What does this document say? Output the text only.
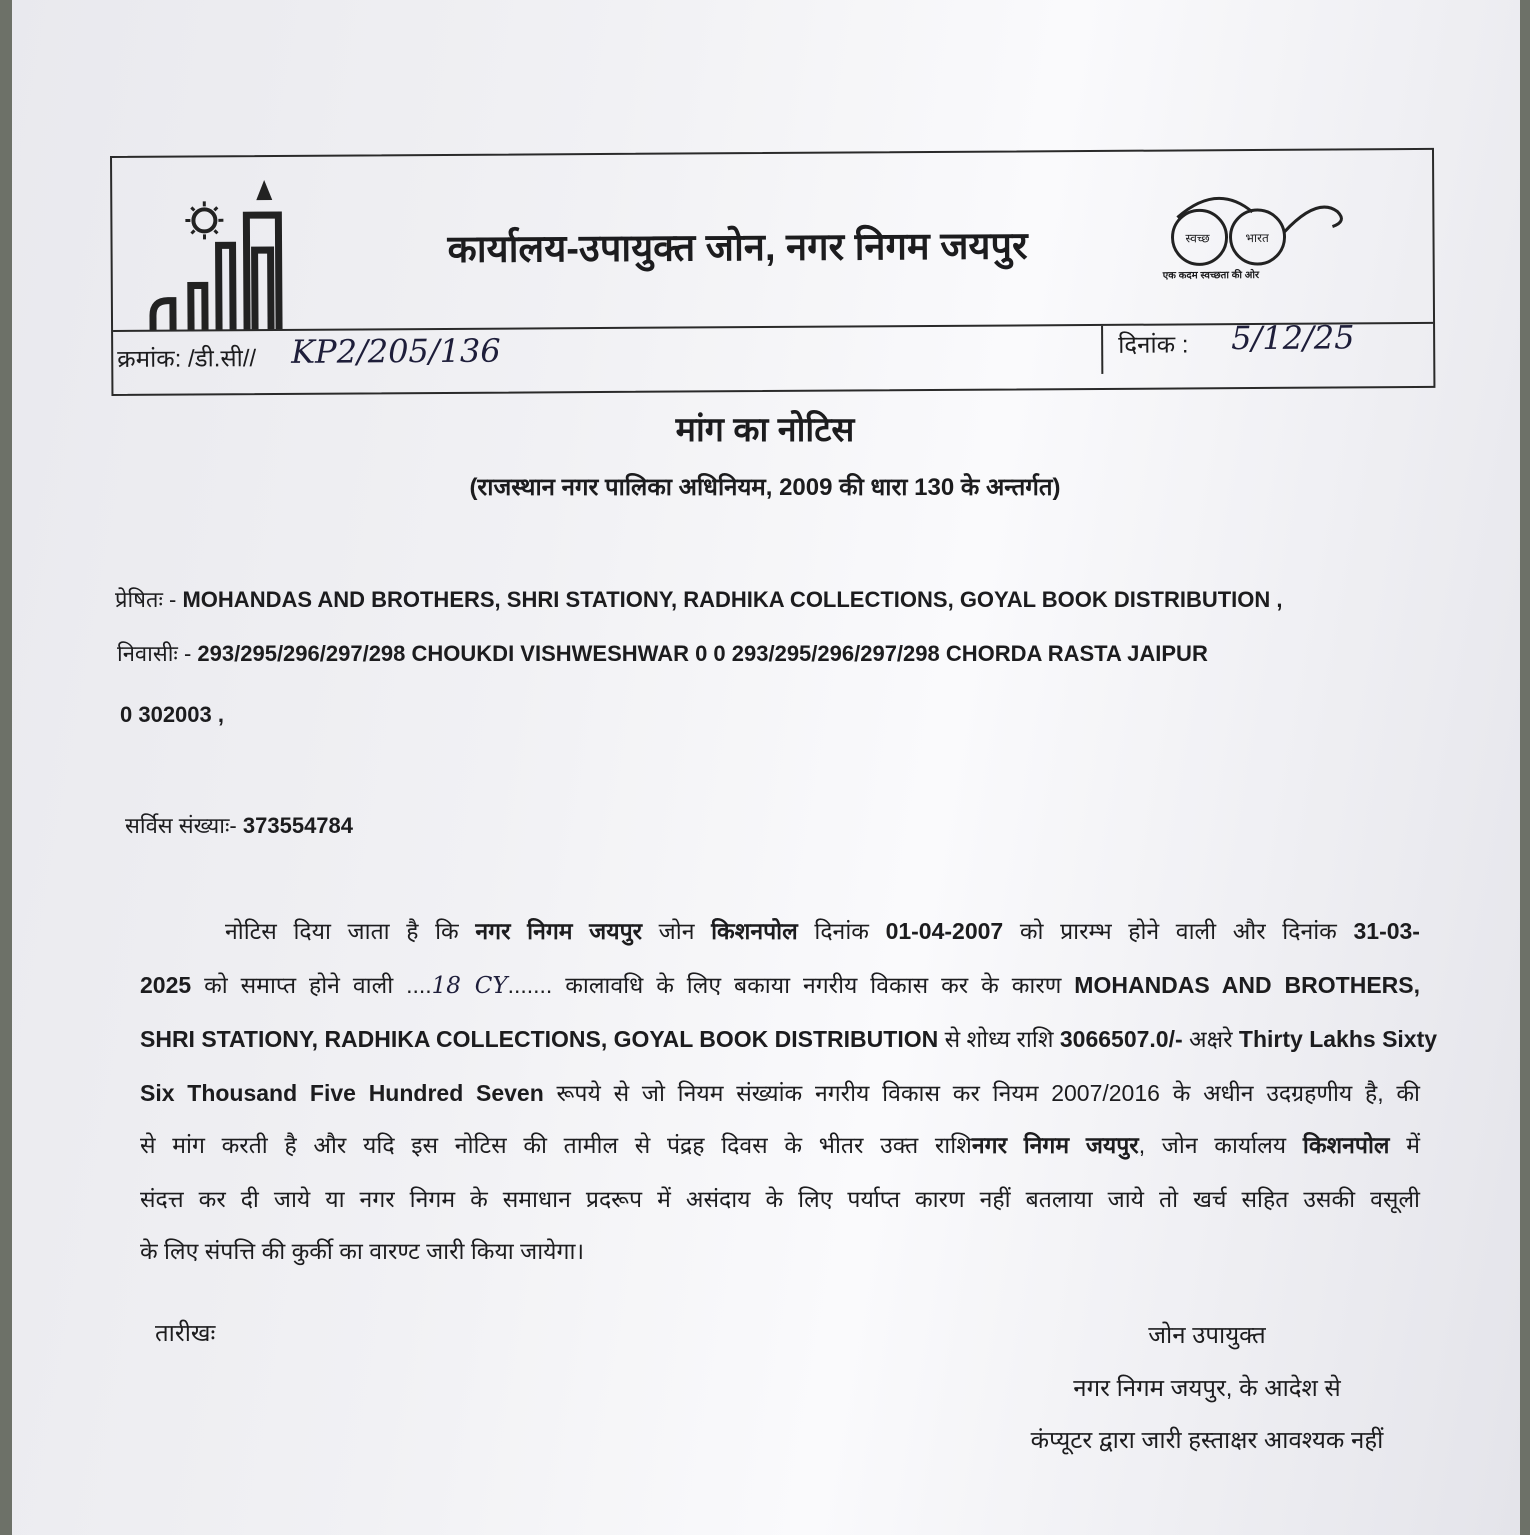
कार्यालय-उपायुक्त जोन, नगर निगम जयपुर	स्वच्छ	भारत
एक कदम स्वच्छता की ओर
क्रमांक: /डी.सी// KP2/205/136	दिनांक : 5/12/25
मांग का नोटिस
(राजस्थान नगर पालिका अधिनियम, 2009 की धारा 130 के अन्तर्गत)
प्रेषितः - MOHANDAS AND BROTHERS, SHRI STATIONY, RADHIKA COLLECTIONS, GOYAL BOOK DISTRIBUTION ,
निवासीः - 293/295/296/297/298 CHOUKDI VISHWESHWAR 0 0 293/295/296/297/298 CHORDA RASTA JAIPUR
0 302003 ,
सर्विस संख्याः- 373554784
नोटिस दिया जाता है कि नगर निगम जयपुर जोन किशनपोल दिनांक 01-04-2007 को प्रारम्भ होने वाली और दिनांक 31-03-
2025 को समाप्त होने वाली ....18 CY....... कालावधि के लिए बकाया नगरीय विकास कर के कारण MOHANDAS AND BROTHERS,
SHRI STATIONY, RADHIKA COLLECTIONS, GOYAL BOOK DISTRIBUTION से शोध्य राशि 3066507.0/- अक्षरे Thirty Lakhs Sixty
Six Thousand Five Hundred Seven रूपये से जो नियम संख्यांक नगरीय विकास कर नियम 2007/2016 के अधीन उदग्रहणीय है, की
से मांग करती है और यदि इस नोटिस की तामील से पंद्रह दिवस के भीतर उक्त राशिनगर निगम जयपुर, जोन कार्यालय किशनपोल में
संदत्त कर दी जाये या नगर निगम के समाधान प्रदरूप में असंदाय के लिए पर्याप्त कारण नहीं बतलाया जाये तो खर्च सहित उसकी वसूली
के लिए संपत्ति की कुर्की का वारण्ट जारी किया जायेगा।
तारीखः	जोन उपायुक्त
नगर निगम जयपुर, के आदेश से
कंप्यूटर द्वारा जारी हस्ताक्षर आवश्यक नहीं
